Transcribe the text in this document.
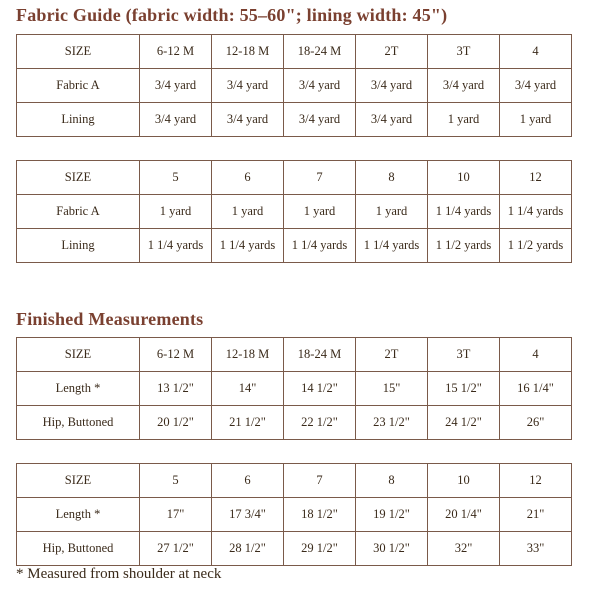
Fabric Guide (fabric width: 55–60"; lining width: 45")
SIZE	6-12 M	12-18 M	18-24 M	2T	3T	4
Fabric A	3/4 yard	3/4 yard	3/4 yard	3/4 yard	3/4 yard	3/4 yard
Lining	3/4 yard	3/4 yard	3/4 yard	3/4 yard	1 yard	1 yard
SIZE	5	6	7	8	10	12
Fabric A	1 yard	1 yard	1 yard	1 yard	1 1/4 yards	1 1/4 yards
Lining	1 1/4 yards	1 1/4 yards	1 1/4 yards	1 1/4 yards	1 1/2 yards	1 1/2 yards
Finished Measurements
SIZE	6-12 M	12-18 M	18-24 M	2T	3T	4
Length *	13 1/2"	14"	14 1/2"	15"	15 1/2"	16 1/4"
Hip, Buttoned	20 1/2"	21 1/2"	22 1/2"	23 1/2"	24 1/2"	26"
SIZE	5	6	7	8	10	12
Length *	17"	17 3/4"	18 1/2"	19 1/2"	20 1/4"	21"
Hip, Buttoned	27 1/2"	28 1/2"	29 1/2"	30 1/2"	32"	33"

* Measured from shoulder at neck
